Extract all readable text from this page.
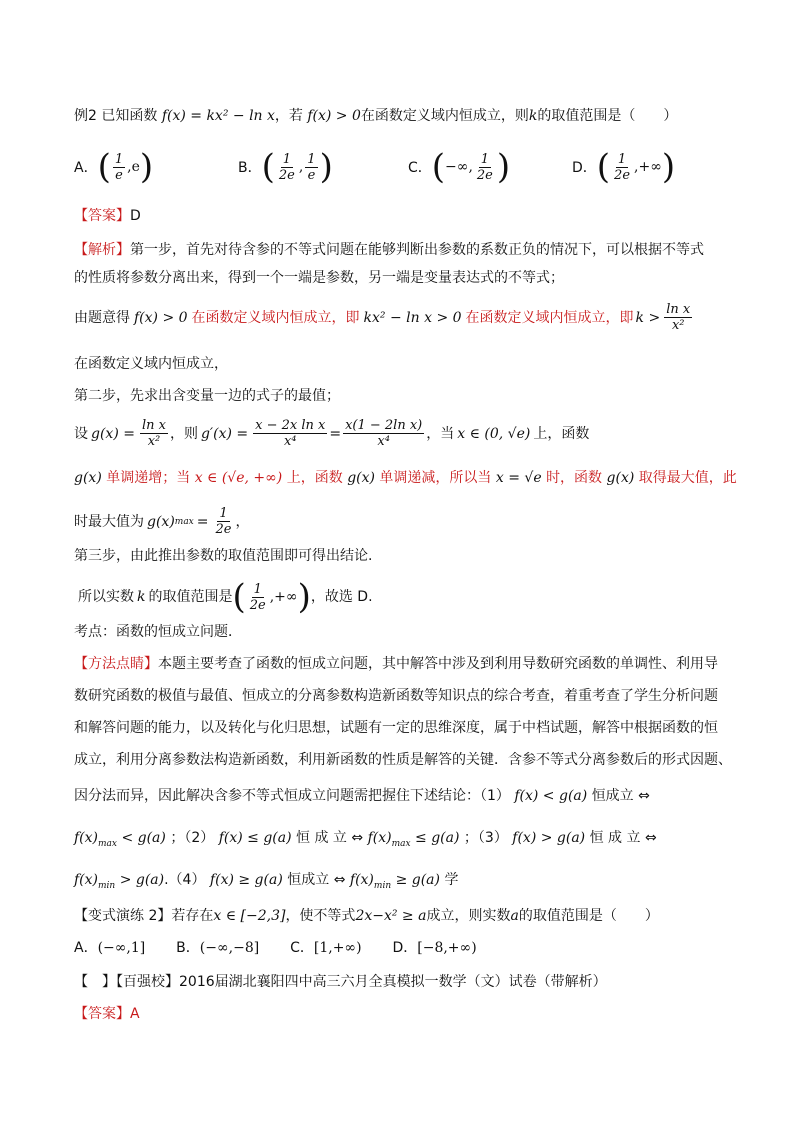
例2 已知函数 f(x) = kx² − ln x，若 f(x) > 0在函数定义域内恒成立，则k的取值范围是（　　）
A． ( $\frac{1}{e}$ , e )	B． ( $\frac{1}{2e}$ , $\frac{1}{e}$ )	C． ( −∞ , $\frac{1}{2e}$ )	D． ( $\frac{1}{2e}$ , +∞ )
【答案】D
【解析】第一步，首先对待含参的不等式问题在能够判断出参数的系数正负的情况下，可以根据不等式
的性质将参数分离出来，得到一个一端是参数，另一端是变量表达式的不等式；
由题意得 f(x) > 0 在函数定义域内恒成立，即 kx² − ln x > 0 在函数定义域内恒成立，即 $k > \frac{\text{ln x}}{\text{x²}}$
在函数定义域内恒成立，
第二步，先求出含变量一边的式子的最值；
设 $g(x) = \frac{\text{ln x}}{\text{x²}}$ ，则 $g'(x) = \frac{\text{x − 2x ln x}}{\text{x⁴}} = \frac{\text{x(1 − 2ln x)}}{\text{x⁴}}$ ，当 x ∈ (0, √e) 上，函数
g(x) 单调递增；当 x ∈ (√e, +∞) 上，函数 g(x) 单调递减，所以当 x = √e 时，函数 g(x) 取得最大值，此
时最大值为 g(x) $\max = \frac{1}{2e}$ ，
第三步，由此推出参数的取值范围即可得出结论.
所以实数 k 的取值范围是 ( $\frac{1}{2e}$ , +∞ ) ，故选 D.
考点：函数的恒成立问题．
【方法点睛】本题主要考查了函数的恒成立问题，其中解答中涉及到利用导数研究函数的单调性、利用导
数研究函数的极值与最值、恒成立的分离参数构造新函数等知识点的综合考查，着重考查了学生分析问题
和解答问题的能力，以及转化与化归思想，试题有一定的思维深度，属于中档试题，解答中根据函数的恒
成立，利用分离参数法构造新函数，利用新函数的性质是解答的关键．含参不等式分离参数后的形式因题、
因分法而异，因此解决含参不等式恒成立问题需把握住下述结论：（1） f(x) < g(a) 恒成立 ⇔
$f(x)_{max} < g(a)$ ；（2） f(x) ≤ g(a) 恒 成 立 ⇔ $f(x)_{max} \le g(a)$ ；（3） f(x) > g(a) 恒 成 立 ⇔
$f(x)_{min} > g(a).(4) f(x) \ge g(a)$ 恒成立 ⇔ $f(x)_{min} \ge g(a)$ 学
【变式演练 2】若存在x ∈ [−2,3]，使不等式2x−x² ≥ a成立，则实数a的取值范围是（　　）
A．(−∞,1] B．(−∞,−8] C．[1,+∞) D．[−8,+∞)
【　】【百强校】2016届湖北襄阳四中高三六月全真模拟一数学（文）试卷（带解析）
【答案】A
